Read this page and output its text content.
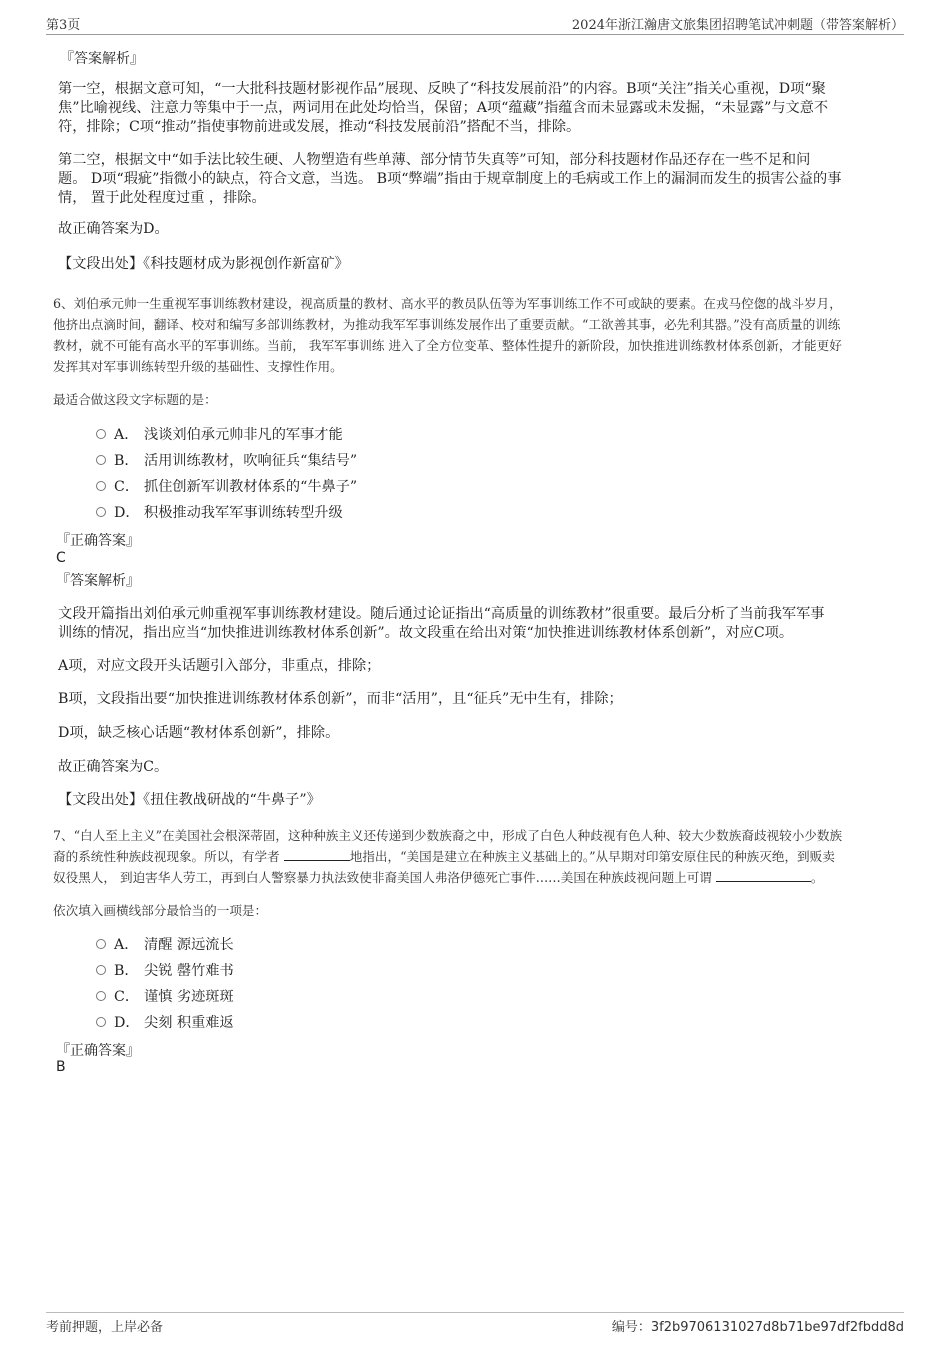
第3页	2024年浙江瀚唐文旅集团招聘笔试冲刺题（带答案解析）
『答案解析』
第一空，根据文意可知，“一大批科技题材影视作品”展现、反映了“科技发展前沿”的内容。B项“关注”指关心重视，D项“聚
焦”比喻视线、注意力等集中于一点，两词用在此处均恰当，保留；A项“蕴藏”指蕴含而未显露或未发掘，“未显露”与文意不
符，排除；C项“推动”指使事物前进或发展，推动“科技发展前沿”搭配不当，排除。
第二空，根据文中“如手法比较生硬、人物塑造有些单薄、部分情节失真等”可知，部分科技题材作品还存在一些不足和问
题。 D项“瑕疵”指微小的缺点，符合文意，当选。 B项“弊端”指由于规章制度上的毛病或工作上的漏洞而发生的损害公益的事
情， 置于此处程度过重 ，排除。
故正确答案为D。
【文段出处】《科技题材成为影视创作新富矿》
6、刘伯承元帅一生重视军事训练教材建设，视高质量的教材、高水平的教员队伍等为军事训练工作不可或缺的要素。在戎马倥偬的战斗岁月，
他挤出点滴时间，翻译、校对和编写多部训练教材，为推动我军军事训练发展作出了重要贡献。“工欲善其事，必先利其器。”没有高质量的训练
教材，就不可能有高水平的军事训练。当前， 我军军事训练 进入了全方位变革、整体性提升的新阶段，加快推进训练教材体系创新，才能更好
发挥其对军事训练转型升级的基础性、支撑性作用。
最适合做这段文字标题的是：
A． 浅谈刘伯承元帅非凡的军事才能
B． 活用训练教材，吹响征兵“集结号”
C． 抓住创新军训教材体系的“牛鼻子”
D． 积极推动我军军事训练转型升级
『正确答案』
C
『答案解析』
文段开篇指出刘伯承元帅重视军事训练教材建设。随后通过论证指出“高质量的训练教材”很重要。最后分析了当前我军军事
训练的情况，指出应当“加快推进训练教材体系创新”。故文段重在给出对策“加快推进训练教材体系创新”，对应C项。
A项，对应文段开头话题引入部分，非重点，排除；
B项，文段指出要“加快推进训练教材体系创新”，而非“活用”，且“征兵”无中生有，排除；
D项，缺乏核心话题“教材体系创新”，排除。
故正确答案为C。
【文段出处】《扭住教战研战的“牛鼻子”》
7、“白人至上主义”在美国社会根深蒂固，这种种族主义还传递到少数族裔之中，形成了白色人种歧视有色人种、较大少数族裔歧视较小少数族
裔的系统性种族歧视现象。所以，有学者	地指出，“美国是建立在种族主义基础上的。”从早期对印第安原住民的种族灭绝，到贩卖
奴役黑人， 到迫害华人劳工，再到白人警察暴力执法致使非裔美国人弗洛伊德死亡事件……美国在种族歧视问题上可谓	。
依次填入画横线部分最恰当的一项是：
A． 清醒 源远流长
B． 尖锐 罄竹难书
C． 谨慎 劣迹斑斑
D． 尖刻 积重难返
『正确答案』
B
考前押题，上岸必备	编号：3f2b9706131027d8b71be97df2fbdd8d
